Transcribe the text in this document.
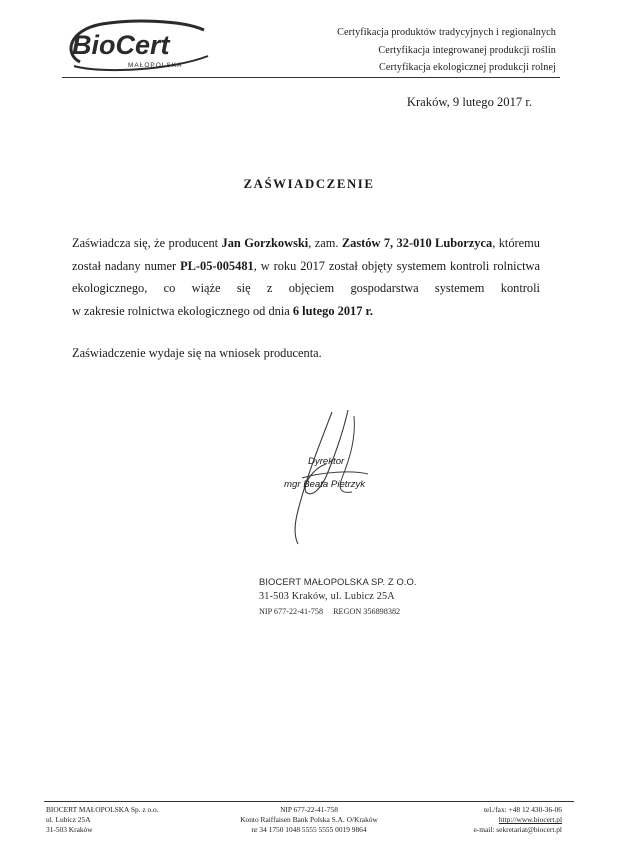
BioCert
MAŁOPOLSKA
Certyfikacja produktów tradycyjnych i regionalnych
Certyfikacja integrowanej produkcji roślin
Certyfikacja ekologicznej produkcji rolnej
Kraków, 9 lutego 2017 r.
ZAŚWIADCZENIE
Zaświadcza się, że producent Jan Gorzkowski, zam. Zastów 7, 32-010 Luborzyca, któremu
został nadany numer PL-05-005481, w roku 2017 został objęty systemem kontroli rolnictwa
ekologicznego, co wiąże się z objęciem gospodarstwa systemem kontroli
w zakresie rolnictwa ekologicznego od dnia 6 lutego 2017 r.
Zaświadczenie wydaje się na wniosek producenta.
Dyrektor
mgr Beata Pietrzyk
BIOCERT MAŁOPOLSKA SP. Z O.O.
31-503 Kraków, ul. Lubicz 25A
NIP 677-22-41-758 REGON 356898382
BIOCERT MAŁOPOLSKA Sp. z o.o.
ul. Lubicz 25A
31-503 Kraków
NIP 677-22-41-758
Konto Raiffaisen Bank Polska S.A. O/Kraków
nr 34 1750 1048 5555 5555 0019 9864
tel./fax: +48 12 430-36-06
http://www.biocert.pl
e-mail: sekretariat@biocert.pl
